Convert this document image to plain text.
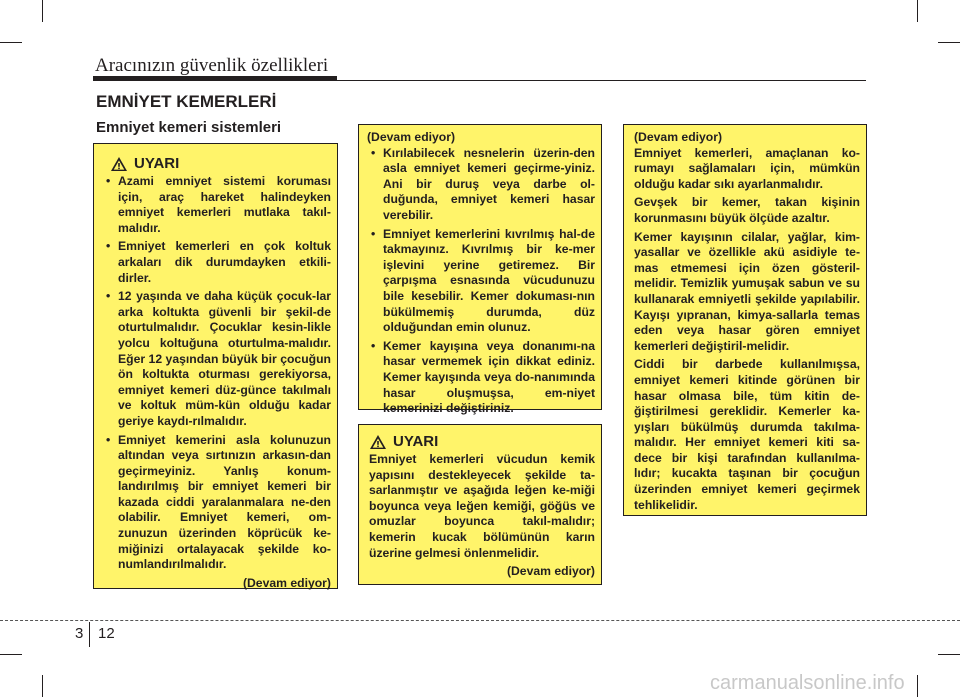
Aracınızın güvenlik özellikleri
EMNİYET KEMERLERİ
Emniyet kemeri sistemleri
UYARI
• Azami emniyet sistemi koruması için, araç hareket halindeyken emniyet kemerleri mutlaka takıl-malıdır.
• Emniyet kemerleri en çok koltuk arkaları dik durumdayken etkili-dirler.
• 12 yaşında ve daha küçük çocuk-lar arka koltukta güvenli bir şekil-de oturtulmalıdır. Çocuklar kesin-likle yolcu koltuğuna oturtulma-malıdır. Eğer 12 yaşından büyük bir çocuğun ön koltukta oturması gerekiyorsa, emniyet kemeri düz-günce takılmalı ve koltuk müm-kün olduğu kadar geriye kaydı-rılmalıdır.
• Emniyet kemerini asla kolunuzun altından veya sırtınızın arkasın-dan geçirmeyiniz. Yanlış konum-landırılmış bir emniyet kemeri bir kazada ciddi yaralanmalara ne-den olabilir. Emniyet kemeri, om-zunuzun üzerinden köprücük ke-miğinizi ortalayacak şekilde ko-numlandırılmalıdır.
(Devam ediyor)
(Devam ediyor)
• Kırılabilecek nesnelerin üzerin-den asla emniyet kemeri geçirme-yiniz. Ani bir duruş veya darbe ol-duğunda, emniyet kemeri hasar verebilir.
• Emniyet kemerlerini kıvrılmış hal-de takmayınız. Kıvrılmış bir ke-mer işlevini yerine getiremez. Bir çarpışma esnasında vücudunuzu bile kesebilir. Kemer dokuması-nın bükülmemiş durumda, düz olduğundan emin olunuz.
• Kemer kayışına veya donanımı-na hasar vermemek için dikkat ediniz. Kemer kayışında veya do-nanımında hasar oluşmuşsa, em-niyet kemerinizi değiştiriniz.
UYARI

Emniyet kemerleri vücudun kemik yapısını destekleyecek şekilde ta-sarlanmıştır ve aşağıda leğen ke-miği boyunca veya leğen kemiği, göğüs ve omuzlar boyunca takıl-malıdır; kemerin kucak bölümünün karın üzerine gelmesi önlenmelidir.

(Devam ediyor)
(Devam ediyor)

Emniyet kemerleri, amaçlanan ko-rumayı sağlamaları için, mümkün olduğu kadar sıkı ayarlanmalıdır.

Gevşek bir kemer, takan kişinin korunmasını büyük ölçüde azaltır.

Kemer kayışının cilalar, yağlar, kim-yasallar ve özellikle akü asidiyle te-mas etmemesi için özen gösteril-melidir. Temizlik yumuşak sabun ve su kullanarak emniyetli şekilde yapılabilir. Kayışı yıpranan, kimya-sallarla temas eden veya hasar gören emniyet kemerleri değiştiril-melidir.

Ciddi bir darbede kullanılmışsa, emniyet kemeri kitinde görünen bir hasar olmasa bile, tüm kitin de-ğiştirilmesi gereklidir. Kemerler ka-yışları bükülmüş durumda takılma-malıdır. Her emniyet kemeri kiti sa-dece bir kişi tarafından kullanılma-lıdır; kucakta taşınan bir çocuğun üzerinden emniyet kemeri geçirmek tehlikelidir.

3 12
carmanualsonline.info
